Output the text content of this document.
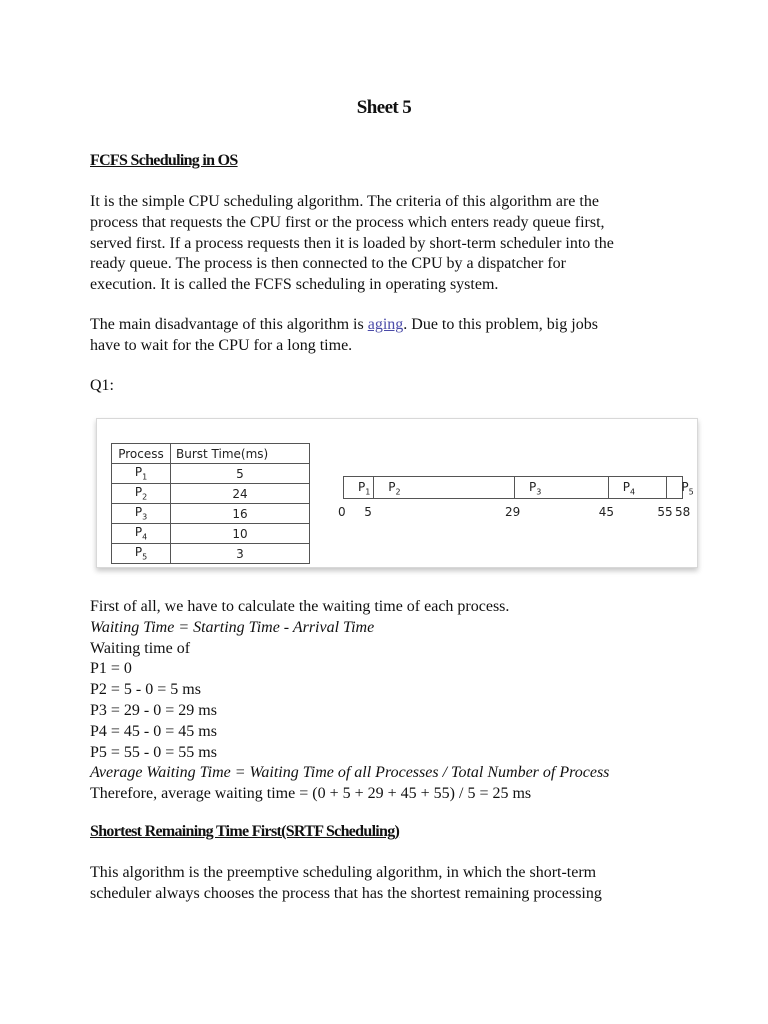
Sheet 5
FCFS Scheduling in OS
It is the simple CPU scheduling algorithm. The criteria of this algorithm are the
process that requests the CPU first or the process which enters ready queue first,
served first. If a process requests then it is loaded by short-term scheduler into the
ready queue. The process is then connected to the CPU by a dispatcher for
execution. It is called the FCFS scheduling in operating system.
The main disadvantage of this algorithm is aging. Due to this problem, big jobs
have to wait for the CPU for a long time.
Q1:
Process	Burst Time(ms)
$P_1$	5
$P_2$	24
$P_3$	16
$P_4$	10
$P_5$	3
$P_1$ $P_2$	$P_3$	$P_4$	$P_5$
0 5	29	45	55 58
First of all, we have to calculate the waiting time of each process.
Waiting Time = Starting Time - Arrival Time
Waiting time of
P1 = 0
P2 = 5 - 0 = 5 ms
P3 = 29 - 0 = 29 ms
P4 = 45 - 0 = 45 ms
P5 = 55 - 0 = 55 ms
Average Waiting Time = Waiting Time of all Processes / Total Number of Process
Therefore, average waiting time = (0 + 5 + 29 + 45 + 55) / 5 = 25 ms
Shortest Remaining Time First(SRTF Scheduling)
This algorithm is the preemptive scheduling algorithm, in which the short-term
scheduler always chooses the process that has the shortest remaining processing
